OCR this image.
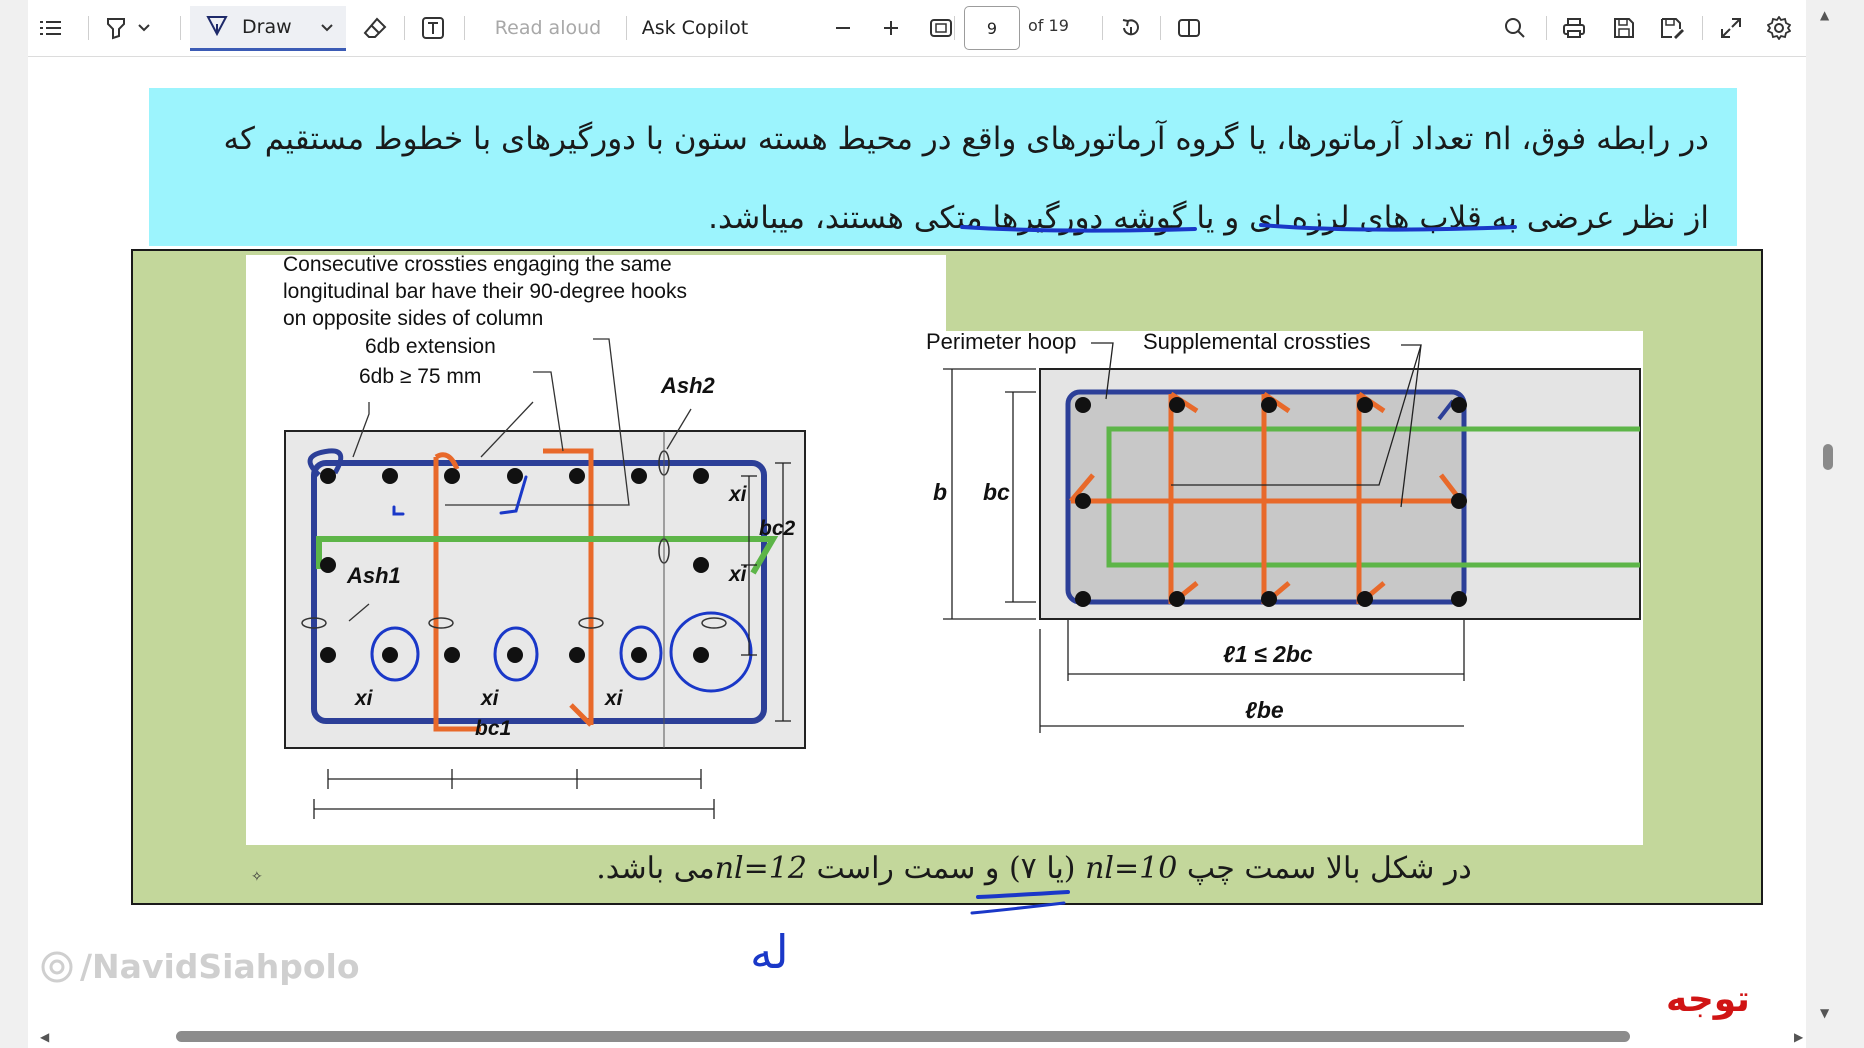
▲
▼
Draw	Read aloud	Ask Copilot	9	of 19
در رابطه فوق، nl تعداد آرماتورها، یا گروه آرماتورهای واقع در محیط هسته ستون با دورگیرهای با خطوط مستقیم که
از نظر عرضی به قلاب های لرزه ای و یا گوشه دورگیرها متکی هستند، میباشد.
Consecutive crossties engaging the same
longitudinal bar have their 90-degree hooks
on opposite sides of column
6db extension
6db ≥ 75 mm	Ash2
Ash1
xi
xi
bc2
xi	xi	xi
bc1
Perimeter hoop	Supplemental crossties
b bc
ℓ1 ≤ 2bc
ℓbe
در شکل بالا سمت چپ nl=10 (یا ۷) و سمت راست nl=12می باشد.
✧
/NavidSiahpolo	له
توجه
◀	▶
